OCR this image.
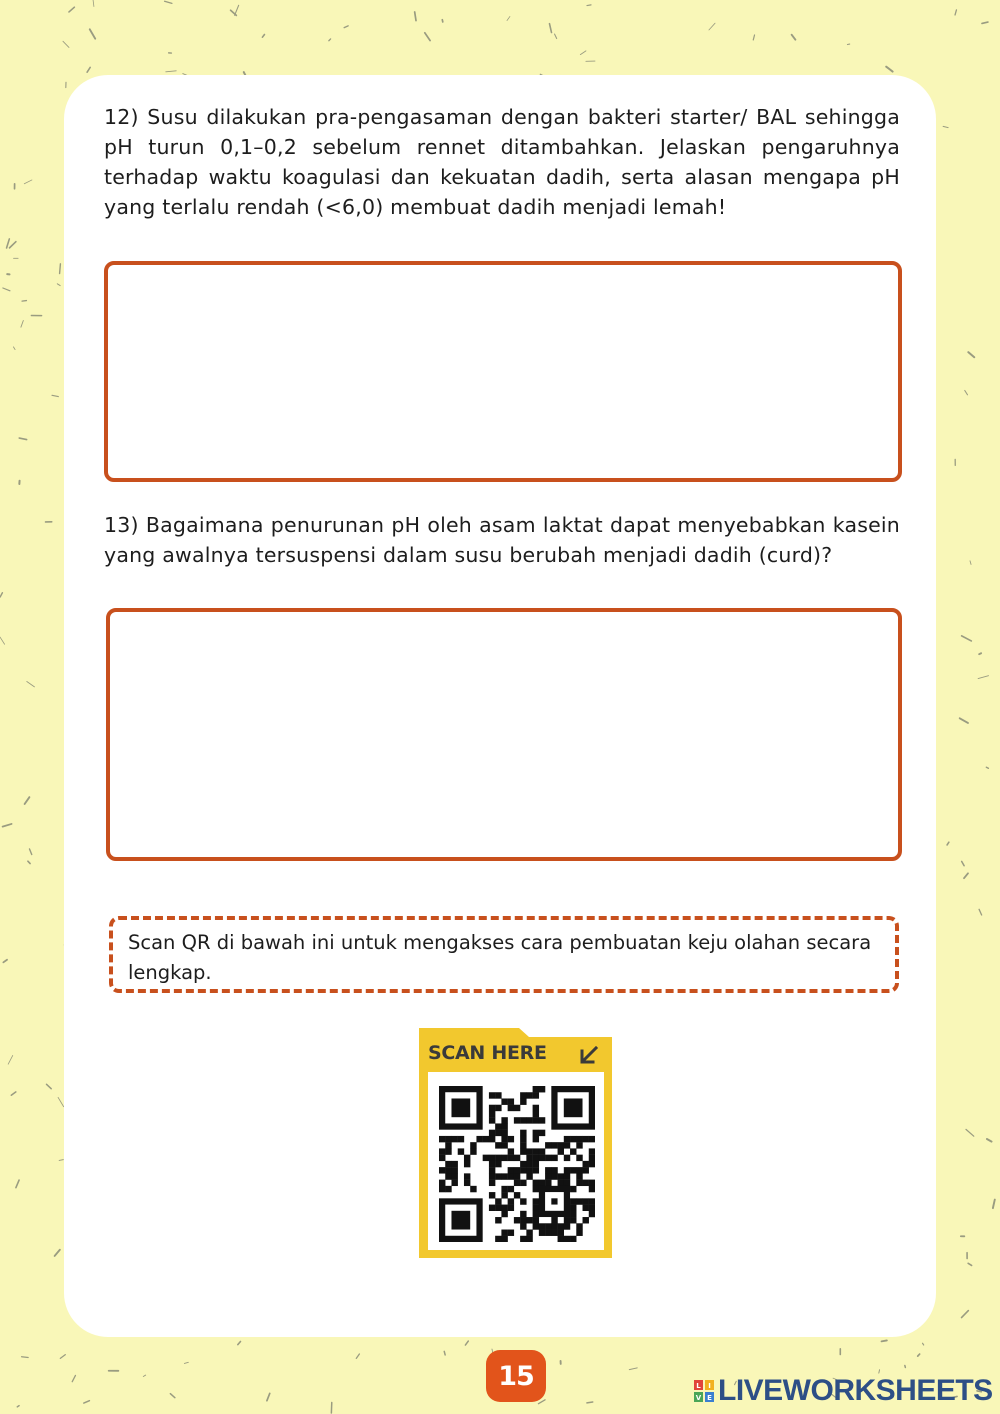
12) Susu dilakukan pra-pengasaman dengan bakteri starter/ BAL sehingga pH turun 0,1–0,2 sebelum rennet ditambahkan. Jelaskan pengaruhnya terhadap waktu koagulasi dan kekuatan dadih, serta alasan mengapa pH yang terlalu rendah (<6,0) membuat dadih menjadi lemah!

13) Bagaimana penurunan pH oleh asam laktat dapat menyebabkan kasein yang awalnya tersuspensi dalam susu berubah menjadi dadih (curd)?

Scan QR di bawah ini untuk mengakses cara pembuatan keju olahan secara lengkap.
SCAN HERE
15	L I
V E LIVEWORKSHEETS
